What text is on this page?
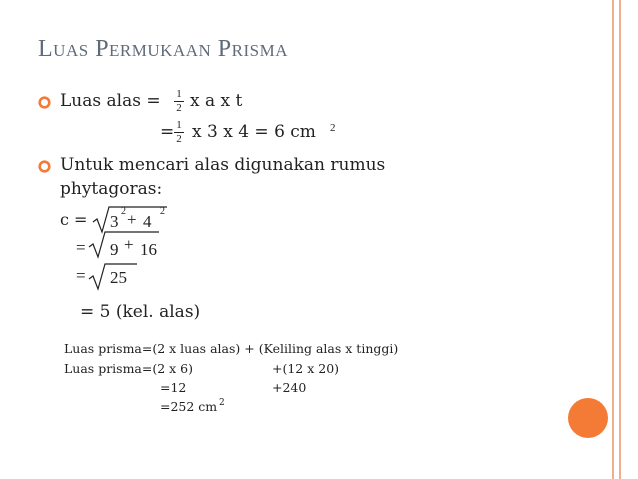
Luas Permukaan Prisma
Luas alas = 1
2 x a x t
= 1
2 x 3 x 4 = 6 cm 2
Untuk mencari alas digunakan rumus
phytagoras:
c = 3
2 + 4
2
= 9 + 16
= 25
= 5 (kel. alas)
Luas prisma=(2 x luas alas) + (Keliling alas x tinggi)
Luas prisma=(2 x 6)	+(12 x 20)
=12	+240
=252 cm 2
